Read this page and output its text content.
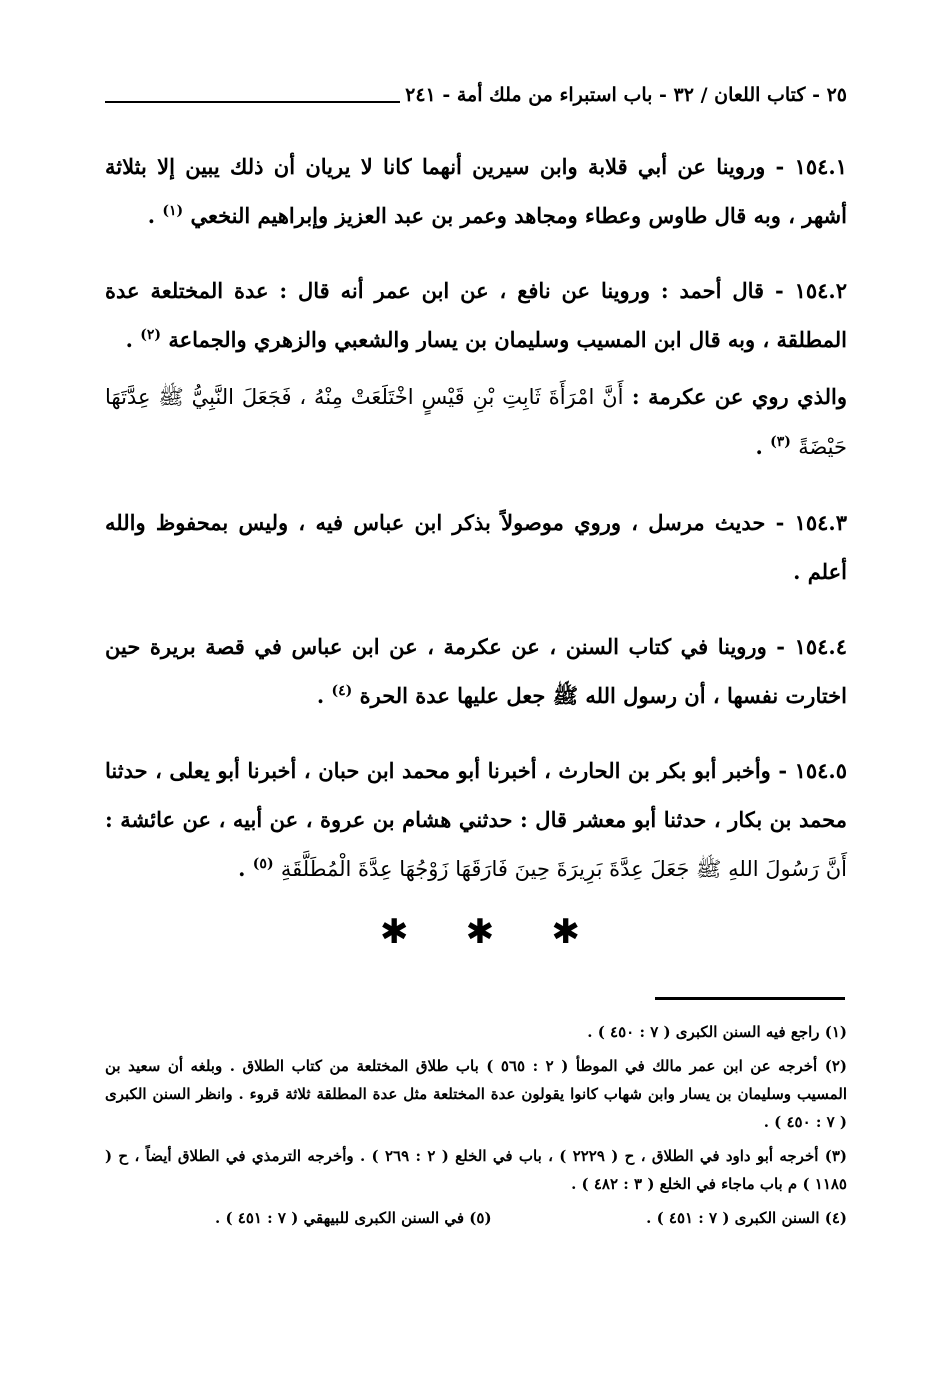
٢٥ - كتاب اللعان / ٣٢ - باب استبراء من ملك أمة - ٢٤١

١٥٤.١ - وروينا عن أبي قلابة وابن سيرين أنهما كانا لا يريان أن ذلك يبين إلا بثلاثة أشهر ، وبه قال طاوس وعطاء ومجاهد وعمر بن عبد العزيز وإبراهيم النخعي $^{(١)}$ .

١٥٤.٢ - قال أحمد : وروينا عن نافع ، عن ابن عمر أنه قال : عدة المختلعة عدة المطلقة ، وبه قال ابن المسيب وسليمان بن يسار والشعبي والزهري والجماعة $^{(٢)}$ .

والذي روي عن عكرمة : أَنَّ امْرَأَةَ ثَابِتِ بْنِ قَيْسٍ اخْتَلَعَتْ مِنْهُ ، فَجَعَلَ النَّبِيُّ ﷺ عِدَّتَهَا حَيْضَةً $^{(٣)}$ .

١٥٤.٣ - حديث مرسل ، وروي موصولاً بذكر ابن عباس فيه ، وليس بمحفوظ والله أعلم .

١٥٤.٤ - وروينا في كتاب السنن ، عن عكرمة ، عن ابن عباس في قصة بريرة حين اختارت نفسها ، أن رسول الله ﷺ جعل عليها عدة الحرة $^{(٤)}$ .

١٥٤.٥ - وأخبر أبو بكر بن الحارث ، أخبرنا أبو محمد ابن حبان ، أخبرنا أبو يعلى ، حدثنا محمد بن بكار ، حدثنا أبو معشر قال : حدثني هشام بن عروة ، عن أبيه ، عن عائشة : أَنَّ رَسُولَ اللهِ ﷺ جَعَلَ عِدَّةَ بَرِيرَةَ حِينَ فَارَقَهَا زَوْجُهَا عِدَّةَ الْمُطَلَّقَةِ $^{(٥)}$ .

✱
✱
✱

(١) راجع فيه السنن الكبرى ( ٧ : ٤٥٠ ) .

(٢) أخرجه عن ابن عمر مالك في الموطأ ( ٢ : ٥٦٥ ) باب طلاق المختلعة من كتاب الطلاق . وبلغه أن سعيد بن المسيب وسليمان بن يسار وابن شهاب كانوا يقولون عدة المختلعة مثل عدة المطلقة ثلاثة قروء . وانظر السنن الكبرى ( ٧ : ٤٥٠ ) .

(٣) أخرجه أبو داود في الطلاق ، ح ( ٢٢٢٩ ) ، باب في الخلع ( ٢ : ٢٦٩ ) . وأخرجه الترمذي في الطلاق أيضاً ، ح ( ١١٨٥ ) م باب ماجاء في الخلع ( ٣ : ٤٨٢ ) .

(٤) السنن الكبرى ( ٧ : ٤٥١ ) .

(٥) في السنن الكبرى للبيهقي ( ٧ : ٤٥١ ) .
